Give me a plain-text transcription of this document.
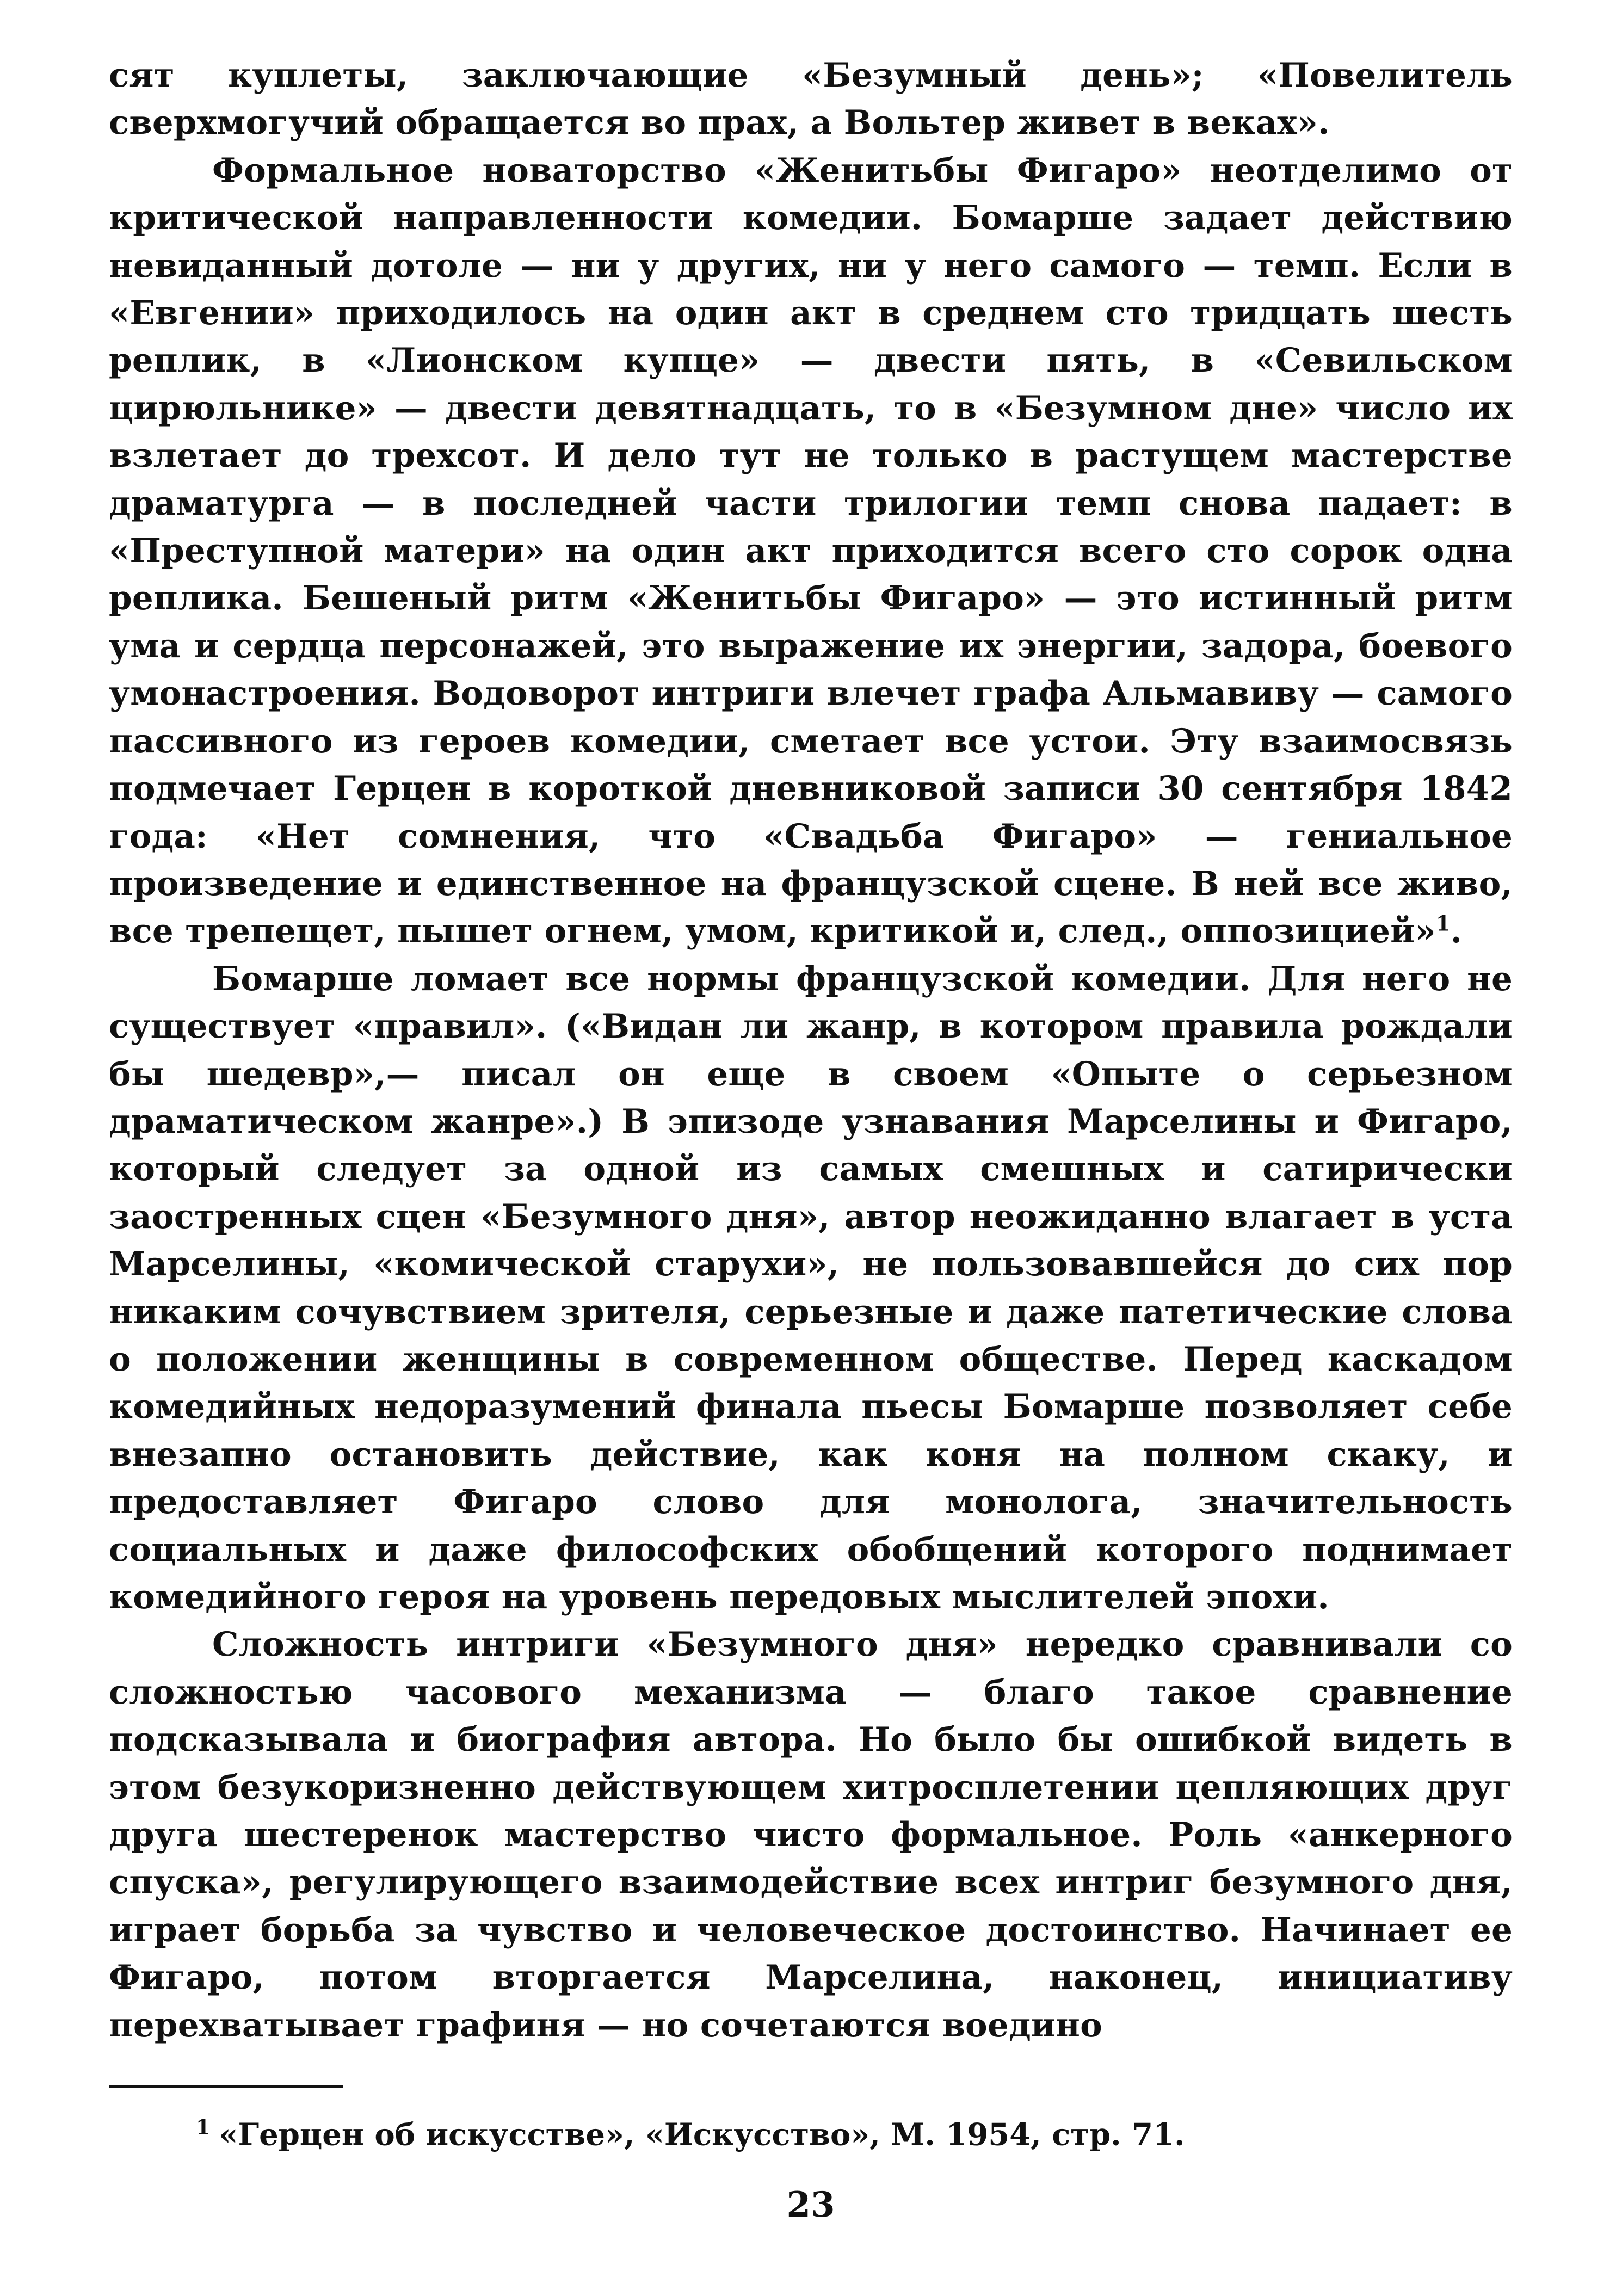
сят куплеты, заключающие «Безумный день»; «Повелитель сверхмогучий обращается во прах, а Вольтер живет в веках».

Формальное новаторство «Женитьбы Фигаро» неотделимо от критической направленности комедии. Бомарше задает действию невиданный дотоле — ни у других, ни у него самого — темп. Если в «Евгении» приходилось на один акт в среднем сто тридцать шесть реплик, в «Лионском купце» — двести пять, в «Севильском цирюльнике» — двести девятнадцать, то в «Безумном дне» число их взлетает до трехсот. И дело тут не только в растущем мастерстве драматурга — в последней части трилогии темп снова падает: в «Преступной матери» на один акт приходится всего сто сорок одна реплика. Бешеный ритм «Женитьбы Фигаро» — это истинный ритм ума и сердца персонажей, это выражение их энергии, задора, боевого умонастроения. Водоворот интриги влечет графа Альмавиву — самого пассивного из героев комедии, сметает все устои. Эту взаимосвязь подмечает Герцен в короткой дневниковой записи 30 сентября 1842 года: «Нет сомнения, что «Свадьба Фигаро» — гениальное произведение и единственное на французской сцене. В ней все живо, все трепещет, пышет огнем, умом, критикой и, след., оппозицией»$^1$.

Бомарше ломает все нормы французской комедии. Для него не существует «правил». («Видан ли жанр, в котором правила рождали бы шедевр»,— писал он еще в своем «Опыте о серьезном драматическом жанре».) В эпизоде узнавания Марселины и Фигаро, который следует за одной из самых смешных и сатирически заостренных сцен «Безумного дня», автор неожиданно влагает в уста Марселины, «комической старухи», не пользовавшейся до сих пор никаким сочувствием зрителя, серьезные и даже патетические слова о положении женщины в современном обществе. Перед каскадом комедийных недоразумений финала пьесы Бомарше позволяет себе внезапно остановить действие, как коня на полном скаку, и предоставляет Фигаро слово для монолога, значительность социальных и даже философских обобщений которого поднимает комедийного героя на уровень передовых мыслителей эпохи.

Сложность интриги «Безумного дня» нередко сравнивали со сложностью часового механизма — благо такое сравнение подсказывала и биография автора. Но было бы ошибкой видеть в этом безукоризненно действующем хитросплетении цепляющих друг друга шестеренок мастерство чисто формальное. Роль «анкерного спуска», регулирующего взаимодействие всех интриг безумного дня, играет борьба за чувство и человеческое достоинство. Начинает ее Фигаро, потом вторгается Марселина, наконец, инициативу перехватывает графиня — но сочетаются воедино

$^1$ «Герцен об искусстве», «Искусство», М. 1954, стр. 71.
23
